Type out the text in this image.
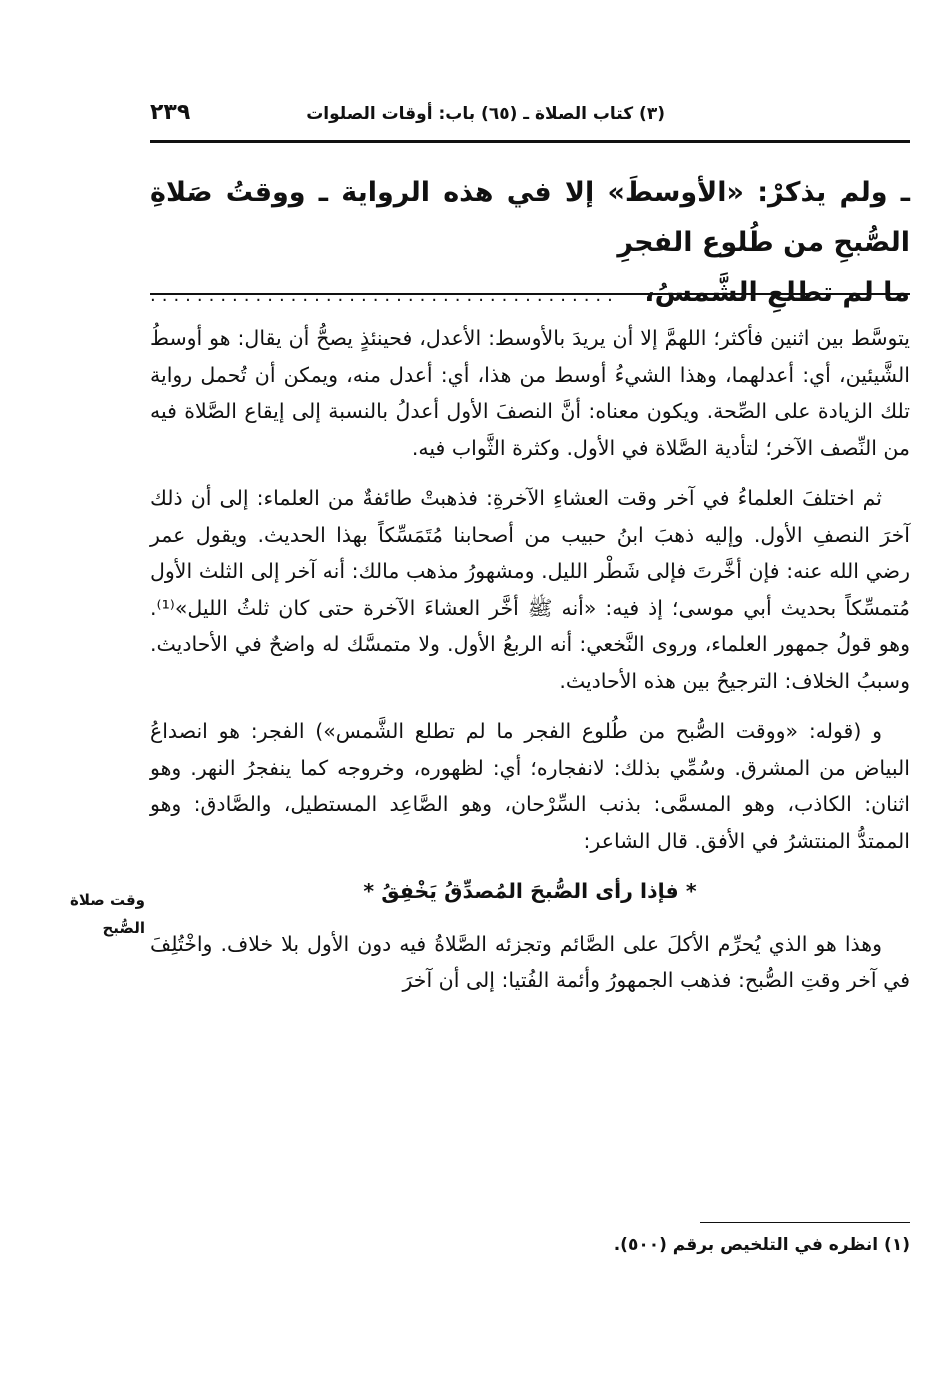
٢٣٩	(٣) كتاب الصلاة ـ (٦٥) باب: أوقات الصلوات
ـ ولم يذكرْ: «الأوسطَ» إلا في هذه الرواية ـ ووقتُ صَلاةِ الصُّبحِ من طُلوع الفجرِ
ما لم تطلعِ الشَّمسُ،
........................................

يتوسَّط بين اثنين فأكثر؛ اللهمَّ إلا أن يريدَ بالأوسط: الأعدل، فحينئذٍ يصحُّ أن يقال: هو أوسطُ الشَّيئين، أي: أعدلهما، وهذا الشيءُ أوسط من هذا، أي: أعدل منه، ويمكن أن تُحمل رواية تلك الزيادة على الصِّحة. ويكون معناه: أنَّ النصفَ الأول أعدلُ بالنسبة إلى إيقاع الصَّلاة فيه من النِّصف الآخر؛ لتأدية الصَّلاة في الأول. وكثرة الثَّواب فيه.

ثم اختلفَ العلماءُ في آخر وقت العشاءِ الآخرةِ: فذهبتْ طائفةٌ من العلماء: إلى أن ذلك آخرَ النصفِ الأول. وإليه ذهبَ ابنُ حبيب من أصحابنا مُتَمَسِّكاً بهذا الحديث. ويقول عمر رضي الله عنه: فإن أخَّرتَ فإلى شَطْر الليل. ومشهورُ مذهب مالك: أنه آخر إلى الثلث الأول مُتمسِّكاً بحديث أبي موسى؛ إذ فيه: «أنه ﷺ أخَّر العشاءَ الآخرة حتى كان ثلثُ الليل»⁽¹⁾. وهو قولُ جمهور العلماء، وروى النَّخعي: أنه الربعُ الأول. ولا متمسَّك له واضحٌ في الأحاديث. وسببُ الخلاف: الترجيحُ بين هذه الأحاديث.

و (قوله: «ووقت الصُّبح من طُلوع الفجر ما لم تطلع الشَّمس») الفجر: هو انصداعُ البياض من المشرق. وسُمِّي بذلك: لانفجاره؛ أي: لظهوره، وخروجه كما ينفجرُ النهر. وهو اثنان: الكاذب، وهو المسمَّى: بذنب السِّرْحان، وهو الصَّاعِد المستطيل، والصَّادق: وهو الممتدُّ المنتشرُ في الأفق. قال الشاعر:

* فإذا رأى الصُّبحَ المُصدِّقُ يَخْفِقُ *

وهذا هو الذي يُحرِّم الأكلَ على الصَّائم وتجزئه الصَّلاةُ فيه دون الأول بلا خلاف. واخْتُلِفَ في آخر وقتِ الصُّبح: فذهب الجمهورُ وأئمة الفُتيا: إلى أن آخرَ

وقت صلاة الصُّبح
(١) انظره في التلخيص برقم (٥٠٠).
